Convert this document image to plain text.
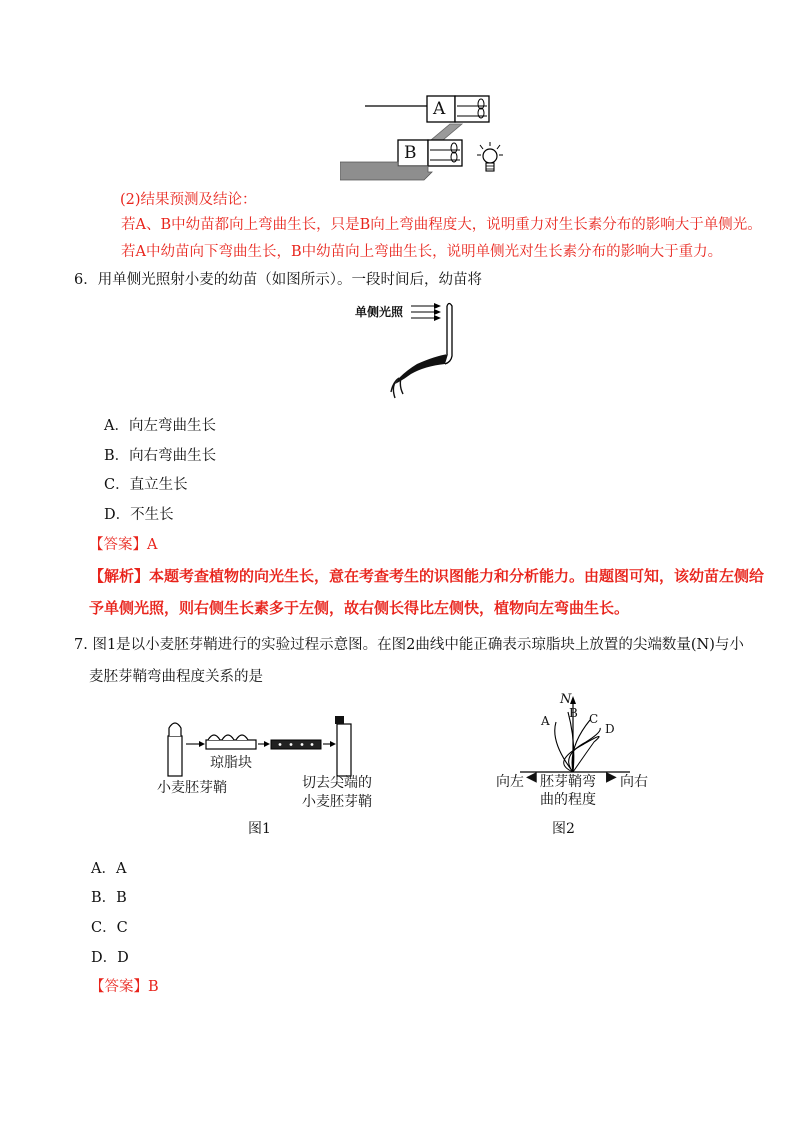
A
B
(2)结果预测及结论：
若A、B中幼苗都向上弯曲生长，只是B向上弯曲程度大，说明重力对生长素分布的影响大于单侧光。
若A中幼苗向下弯曲生长，B中幼苗向上弯曲生长，说明单侧光对生长素分布的影响大于重力。
6．用单侧光照射小麦的幼苗（如图所示）。一段时间后，幼苗将
单侧光照
A．向左弯曲生长
B．向右弯曲生长
C．直立生长
D．不生长
【答案】A
【解析】本题考查植物的向光生长，意在考查考生的识图能力和分析能力。由题图可知，该幼苗左侧给
予单侧光照，则右侧生长素多于左侧，故右侧长得比左侧快，植物向左弯曲生长。
7. 图1是以小麦胚芽鞘进行的实验过程示意图。在图2曲线中能正确表示琼脂块上放置的尖端数量(N)与小
麦胚芽鞘弯曲程度关系的是
琼脂块
小麦胚芽鞘	切去尖端的
小麦胚芽鞘
图1
N
A
B C
D
向左 ◀ 胚芽鞘弯 ▶ 向右
曲的程度
图2
A．A
B．B
C．C
D．D
【答案】B
